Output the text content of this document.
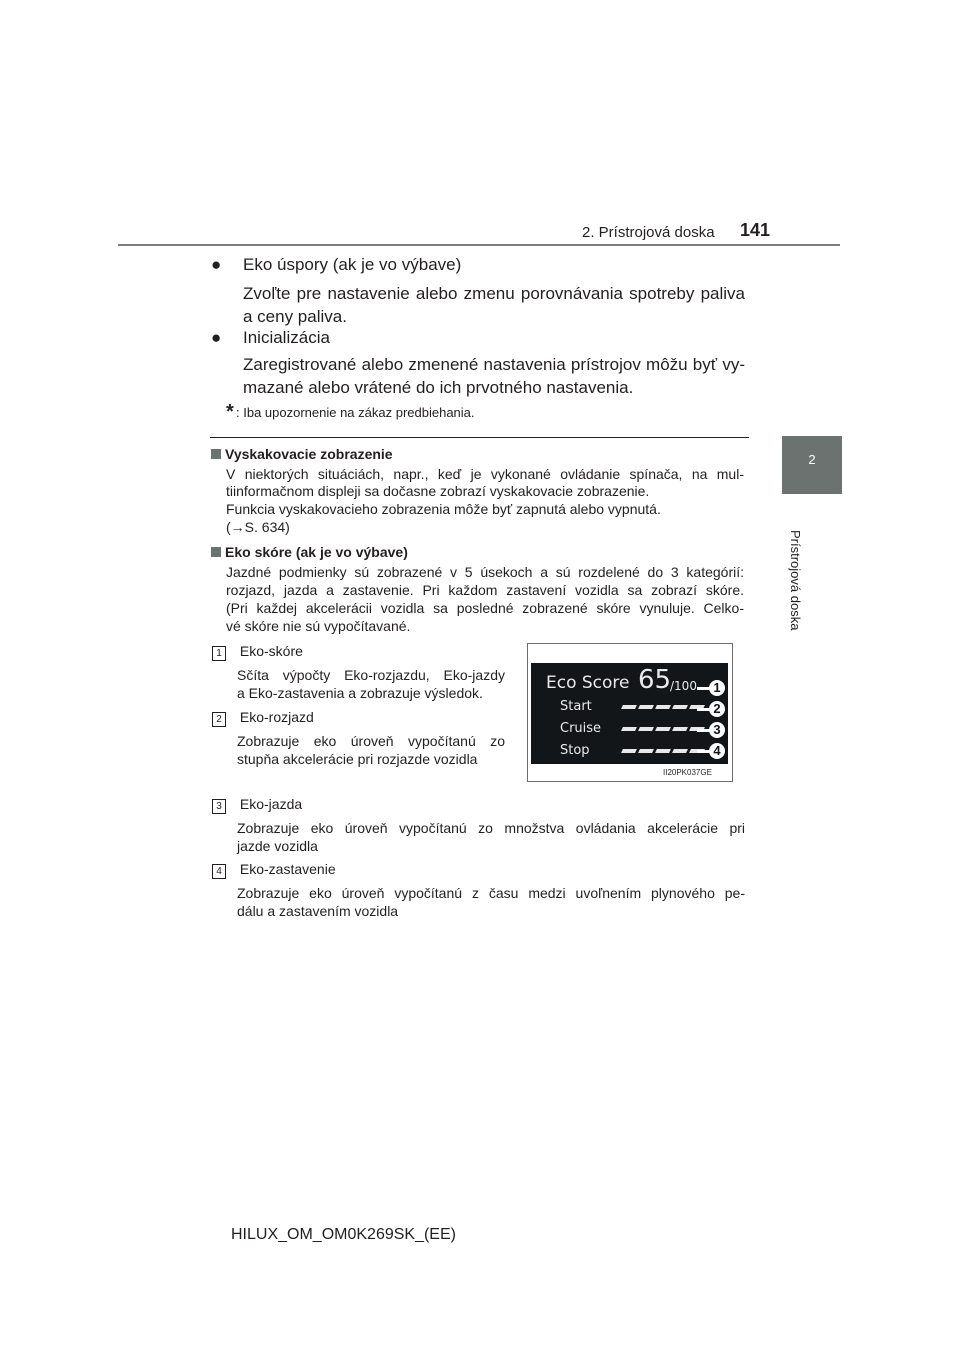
2. Prístrojová doska 141
2
Prístrojová doska
● Eko úspory (ak je vo výbave)
Zvoľte pre nastavenie alebo zmenu porovnávania spotreby paliva
a ceny paliva.
● Inicializácia
Zaregistrované alebo zmenené nastavenia prístrojov môžu byť vy-
mazané alebo vrátené do ich prvotného nastavenia.
* : Iba upozornenie na zákaz predbiehania.
Vyskakovacie zobrazenie
V niektorých situáciách, napr., keď je vykonané ovládanie spínača, na mul-
tiinformačnom displeji sa dočasne zobrazí vyskakovacie zobrazenie.
Funkcia vyskakovacieho zobrazenia môže byť zapnutá alebo vypnutá.
(→S. 634)
Eko skóre (ak je vo výbave)
Jazdné podmienky sú zobrazené v 5 úsekoch a sú rozdelené do 3 kategórií:
rozjazd, jazda a zastavenie. Pri každom zastavení vozidla sa zobrazí skóre.
(Pri každej akcelerácii vozidla sa posledné zobrazené skóre vynuluje. Celko-
vé skóre nie sú vypočítavané.
1 Eko-skóre
Sčíta výpočty Eko-rozjazdu, Eko-jazdy
a Eko-zastavenia a zobrazuje výsledok.
2 Eko-rozjazd
Zobrazuje eko úroveň vypočítanú zo
stupňa akcelerácie pri rozjazde vozidla
Eco Score 65
/100
Start
Cruise
Stop
1
2
3
4
II20PK037GE
3 Eko-jazda
Zobrazuje eko úroveň vypočítanú zo množstva ovládania akcelerácie pri
jazde vozidla
4 Eko-zastavenie
Zobrazuje eko úroveň vypočítanú z času medzi uvoľnením plynového pe-
dálu a zastavením vozidla
HILUX_OM_OM0K269SK_(EE)
